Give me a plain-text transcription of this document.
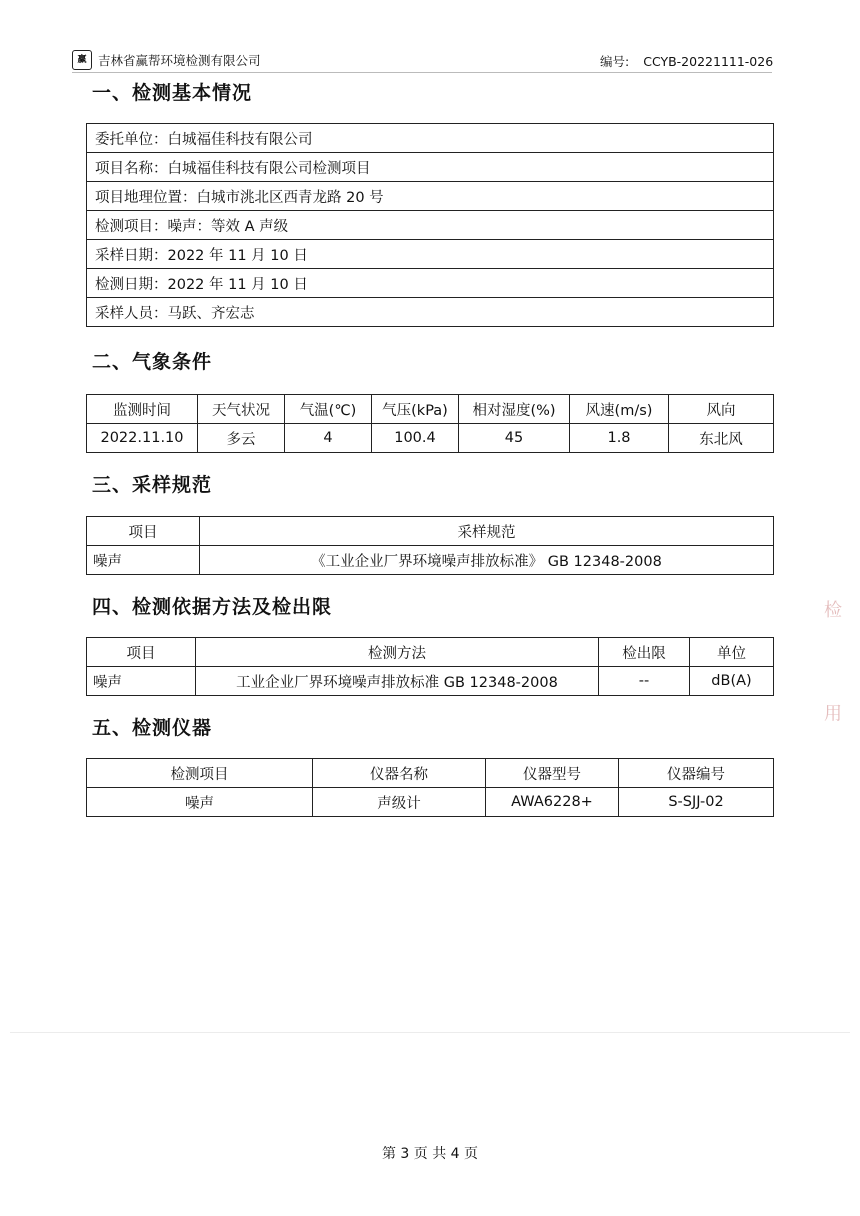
赢 吉林省赢帮环境检测有限公司	编号: CCYB-20221111-026
一、检测基本情况
委托单位：白城福佳科技有限公司
项目名称：白城福佳科技有限公司检测项目
项目地理位置：白城市洮北区西青龙路 20 号
检测项目：噪声：等效 A 声级
采样日期：2022 年 11 月 10 日
检测日期：2022 年 11 月 10 日
采样人员：马跃、齐宏志
二、气象条件
监测时间	天气状况	气温(℃)	气压(kPa)	相对湿度(%)	风速(m/s)	风向
2022.11.10	多云	4	100.4	45	1.8	东北风
三、采样规范
项目	采样规范
噪声	《工业企业厂界环境噪声排放标准》 GB 12348-2008
四、检测依据方法及检出限
项目	检测方法	检出限	单位
噪声	工业企业厂界环境噪声排放标准 GB 12348-2008	--	dB(A)
五、检测仪器
检测项目	仪器名称	仪器型号	仪器编号
噪声	声级计	AWA6228+	S-SJJ-02
检 用
第 3 页 共 4 页
